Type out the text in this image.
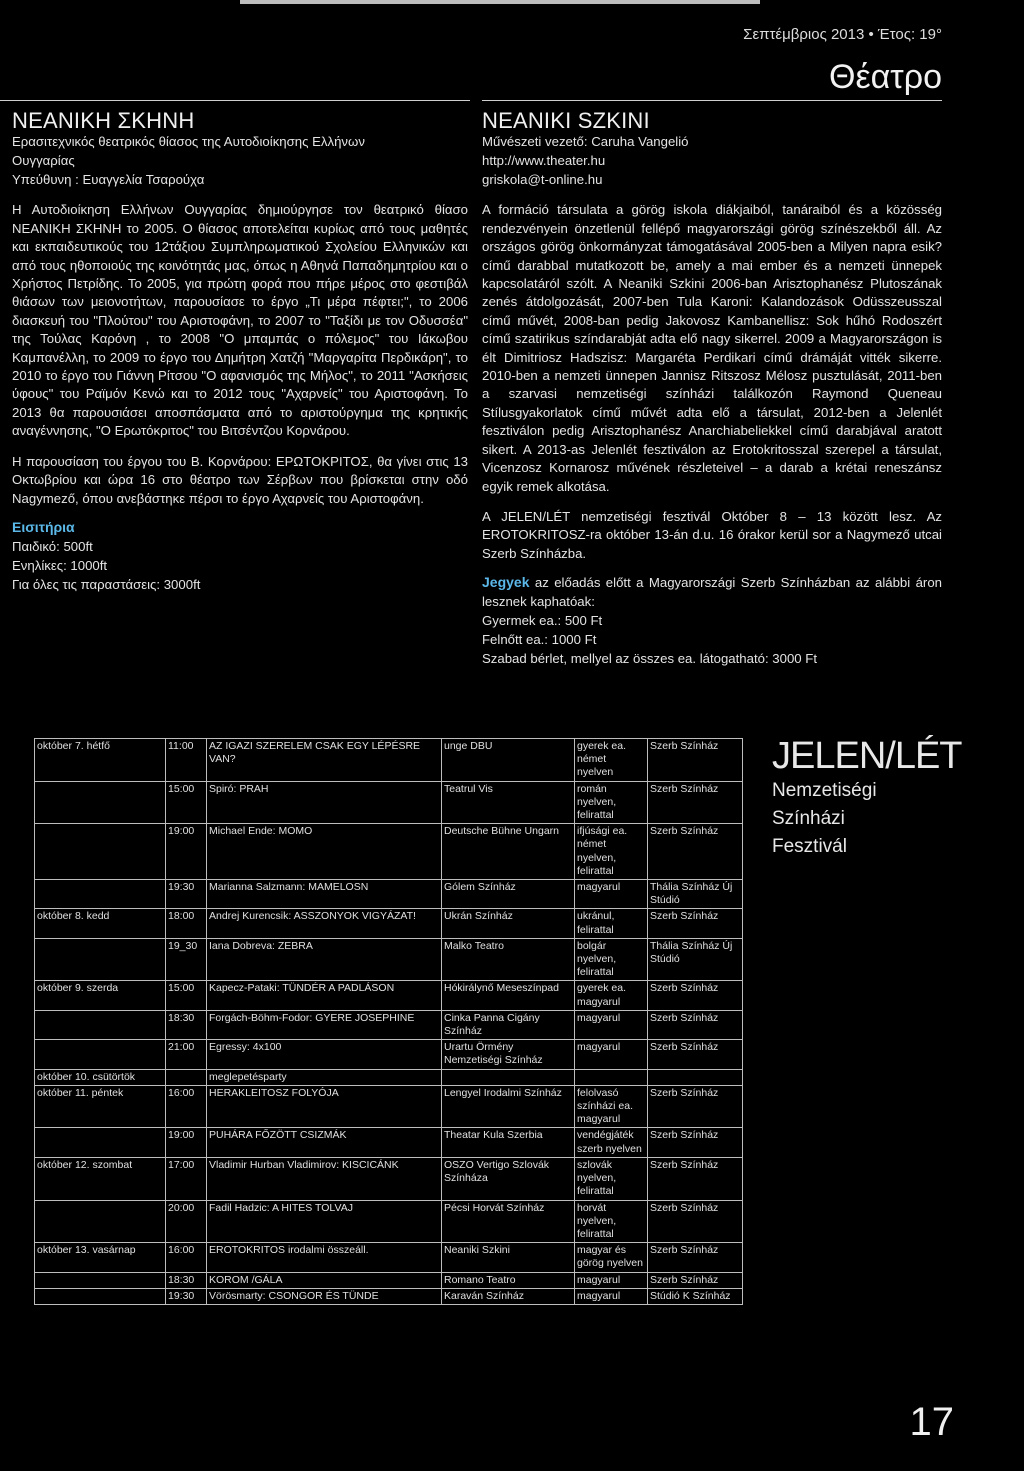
Σεπτέμβριος 2013 • Έτος: 19°
Θέατρο
ΝΕΑΝΙΚΗ ΣΚΗΝΗ
Ερασιτεχνικός θεατρικός θίασος της Αυτοδιοίκησης Ελλήνων
Ουγγαρίας
Υπεύθυνη : Ευαγγελία Τσαρούχα

Η Αυτοδιοίκηση Ελλήνων Ουγγαρίας δημιούργησε τον θεατρικό θίασο ΝΕΑΝΙΚΗ ΣΚΗΝΗ το 2005. Ο θίασος αποτελείται κυρίως από τους μαθητές και εκπαιδευτικούς του 12τάξιου Συμπληρωματικού Σχολείου Ελληνικών και από τους ηθοποιούς της κοινότητάς μας, όπως η Αθηνά Παπαδημητρίου και ο Χρήστος Πετρίδης. Το 2005, για πρώτη φορά που πήρε μέρος στο φεστιβάλ θιάσων των μειονοτήτων, παρουσίασε το έργο „Τι μέρα πέφτει;", το 2006 διασκευή του "Πλούτου" του Αριστοφάνη, το 2007 το "Ταξίδι με τον Οδυσσέα" της Τούλας Καρόνη , το 2008 "Ο μπαμπάς ο πόλεμος" του Ιάκωβου Καμπανέλλη, το 2009 το έργο του Δημήτρη Χατζή "Μαργαρίτα Περδικάρη", το 2010 το έργο του Γιάννη Ρίτσου "Ο αφανισμός της Μήλος", το 2011 "Ασκήσεις ύφους" του Ραϊμόν Κενώ και το 2012 τους "Αχαρνείς" του Αριστοφάνη. Το 2013 θα παρουσιάσει αποσπάσματα από το αριστούργημα της κρητικής αναγέννησης, "Ο Ερωτόκριτος" του Βιτσέντζου Κορνάρου.

Η παρουσίαση του έργου του Β. Κορνάρου: ΕΡΩΤΟΚΡΙΤΟΣ, θα γίνει στις 13 Οκτωβρίου και ώρα 16 στο θέατρο των Σέρβων που βρίσκεται στην οδό Nagymező, όπου ανεβάστηκε πέρσι το έργο Αχαρνείς του Αριστοφάνη.

Εισιτήρια
Παιδικό: 500ft
Ενηλίκες: 1000ft
Για όλες τις παραστάσεις: 3000ft
NEANIKI SZKINI
Művészeti vezető: Caruha Vangelió
http://www.theater.hu
griskola@t-online.hu

A formáció társulata a görög iskola diákjaiból, tanáraiból és a közösség rendezvényein önzetlenül fellépő magyarországi görög színészekből áll. Az országos görög önkormányzat támogatásával 2005-ben a Milyen napra esik? című darabbal mutatkozott be, amely a mai ember és a nemzeti ünnepek kapcsolatáról szólt. A Neaniki Szkini 2006-ban Arisztophanész Plutoszának zenés átdolgozását, 2007-ben Tula Karoni: Kalandozások Odüsszeusszal című művét, 2008-ban pedig Jakovosz Kambanellisz: Sok hűhó Rodoszért című szatirikus színdarabját adta elő nagy sikerrel. 2009 a Magyarországon is élt Dimitriosz Hadszisz: Margaréta Perdikari című drámáját vitték sikerre. 2010-ben a nemzeti ünnepen Jannisz Ritszosz Mélosz pusztulását, 2011-ben a szarvasi nemzetiségi színházi találkozón Raymond Queneau Stílusgyakorlatok című művét adta elő a társulat, 2012-ben a Jelenlét fesztiválon pedig Arisztophanész Anarchiabeliekkel című darabjával aratott sikert. A 2013-as Jelenlét fesztiválon az Erotokritosszal szerepel a társulat, Vicenzosz Kornarosz művének részleteivel – a darab a krétai reneszánsz egyik remek alkotása.

A JELEN/LÉT nemzetiségi fesztivál Október 8 – 13 között lesz. Az EROTOKRITOSZ-ra október 13-án d.u. 16 órakor kerül sor a Nagymező utcai Szerb Színházba.

Jegyek az előadás előtt a Magyarországi Szerb Színházban az alábbi áron lesznek kaphatóak:
Gyermek ea.: 500 Ft
Felnőtt ea.: 1000 Ft
Szabad bérlet, mellyel az összes ea. látogatható: 3000 Ft
október 7. hétfő	11:00	AZ IGAZI SZERELEM CSAK EGY LÉPÉSRE VAN?	unge DBU	gyerek ea. német nyelven	Szerb Színház
	15:00	Spiró: PRAH	Teatrul Vis	román nyelven, felirattal	Szerb Színház
	19:00	Michael Ende: MOMO	Deutsche Bühne Ungarn	ifjúsági ea. német nyelven, felirattal	Szerb Színház
	19:30	Marianna Salzmann: MAMELOSN	Gólem Színház	magyarul	Thália Színház Új Stúdió
október 8. kedd	18:00	Andrej Kurencsik: ASSZONYOK VIGYÁZAT!	Ukrán Színház	ukránul, felirattal	Szerb Színház
	19_30	Iana Dobreva: ZEBRA	Malko Teatro	bolgár nyelven, felirattal	Thália Színház Új Stúdió
október 9. szerda	15:00	Kapecz-Pataki: TÜNDÉR A PADLÁSON	Hókirálynő Meseszínpad	gyerek ea. magyarul	Szerb Színház
	18:30	Forgách-Böhm-Fodor: GYERE JOSEPHINE	Cinka Panna Cigány Színház	magyarul	Szerb Színház
	21:00	Egressy: 4x100	Urartu Örmény Nemzetiségi Színház	magyarul	Szerb Színház
október 10. csütörtök		meglepetésparty			
október 11. péntek	16:00	HERAKLEITOSZ FOLYÓJA	Lengyel Irodalmi Színház	felolvasó színházi ea. magyarul	Szerb Színház
	19:00	PUHÁRA FŐZÖTT CSIZMÁK	Theatar Kula Szerbia	vendégjáték szerb nyelven	Szerb Színház
október 12. szombat	17:00	Vladimir Hurban Vladimirov: KISCICÁNK	OSZO Vertigo Szlovák Színháza	szlovák nyelven, felirattal	Szerb Színház
	20:00	Fadil Hadzic: A HITES TOLVAJ	Pécsi Horvát Színház	horvát nyelven, felirattal	Szerb Színház
október 13. vasárnap	16:00	EROTOKRITOS irodalmi összeáll.	Neaniki Szkini	magyar és görög nyelven	Szerb Színház
	18:30	KOROM /GÁLA	Romano Teatro	magyarul	Szerb Színház
	19:30	Vörösmarty: CSONGOR ÉS TÜNDE	Karaván Színház	magyarul	Stúdió K Színház
JELEN/LÉT
Nemzetiségi
Színházi
Fesztivál
17
